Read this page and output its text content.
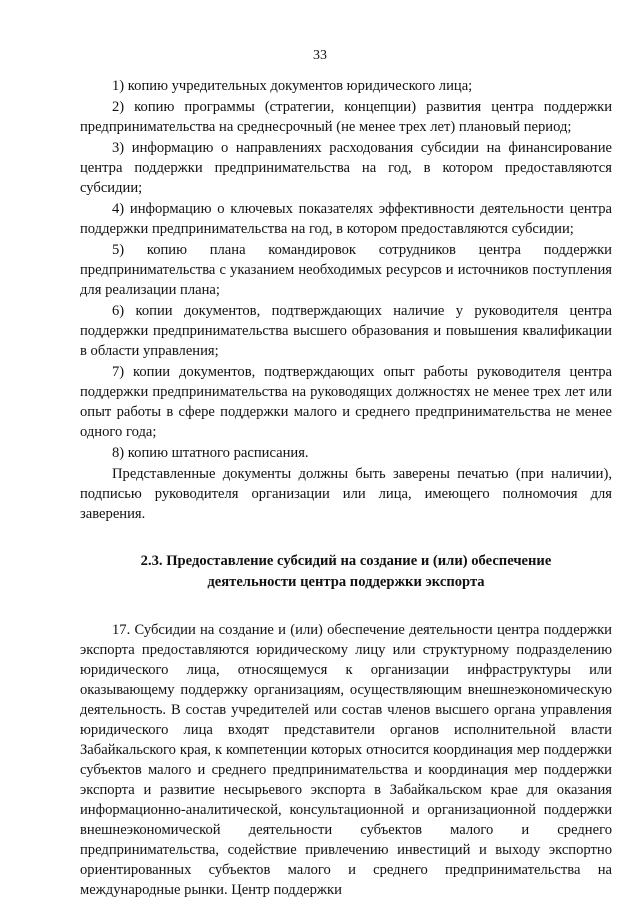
33

1) копию учредительных документов юридического лица;

2) копию программы (стратегии, концепции) развития центра поддержки предпринимательства на среднесрочный (не менее трех лет) плановый период;

3) информацию о направлениях расходования субсидии на финансирование центра поддержки предпринимательства на год, в котором предоставляются субсидии;

4) информацию о ключевых показателях эффективности деятельности центра поддержки предпринимательства на год, в котором предоставляются субсидии;

5) копию плана командировок сотрудников центра поддержки предпринимательства с указанием необходимых ресурсов и источников поступления для реализации плана;

6) копии документов, подтверждающих наличие у руководителя центра поддержки предпринимательства высшего образования и повышения квалификации в области управления;

7) копии документов, подтверждающих опыт работы руководителя центра поддержки предпринимательства на руководящих должностях не менее трех лет или опыт работы в сфере поддержки малого и среднего предпринимательства не менее одного года;

8) копию штатного расписания.

Представленные документы должны быть заверены печатью (при наличии), подписью руководителя организации или лица, имеющего полномочия для заверения.

2.3. Предоставление субсидий на создание и (или) обеспечение
деятельности центра поддержки экспорта

17. Субсидии на создание и (или) обеспечение деятельности центра поддержки экспорта предоставляются юридическому лицу или структурному подразделению юридического лица, относящемуся к организации инфраструктуры или оказывающему поддержку организациям, осуществляющим внешнеэкономическую деятельность. В состав учредителей или состав членов высшего органа управления юридического лица входят представители органов исполнительной власти Забайкальского края, к компетенции которых относится координация мер поддержки субъектов малого и среднего предпринимательства и координация мер поддержки экспорта и развитие несырьевого экспорта в Забайкальском крае для оказания информационно-аналитической, консультационной и организационной поддержки внешнеэкономической деятельности субъектов малого и среднего предпринимательства, содействие привлечению инвестиций и выходу экспортно ориентированных субъектов малого и среднего предпринимательства на международные рынки. Центр поддержки
